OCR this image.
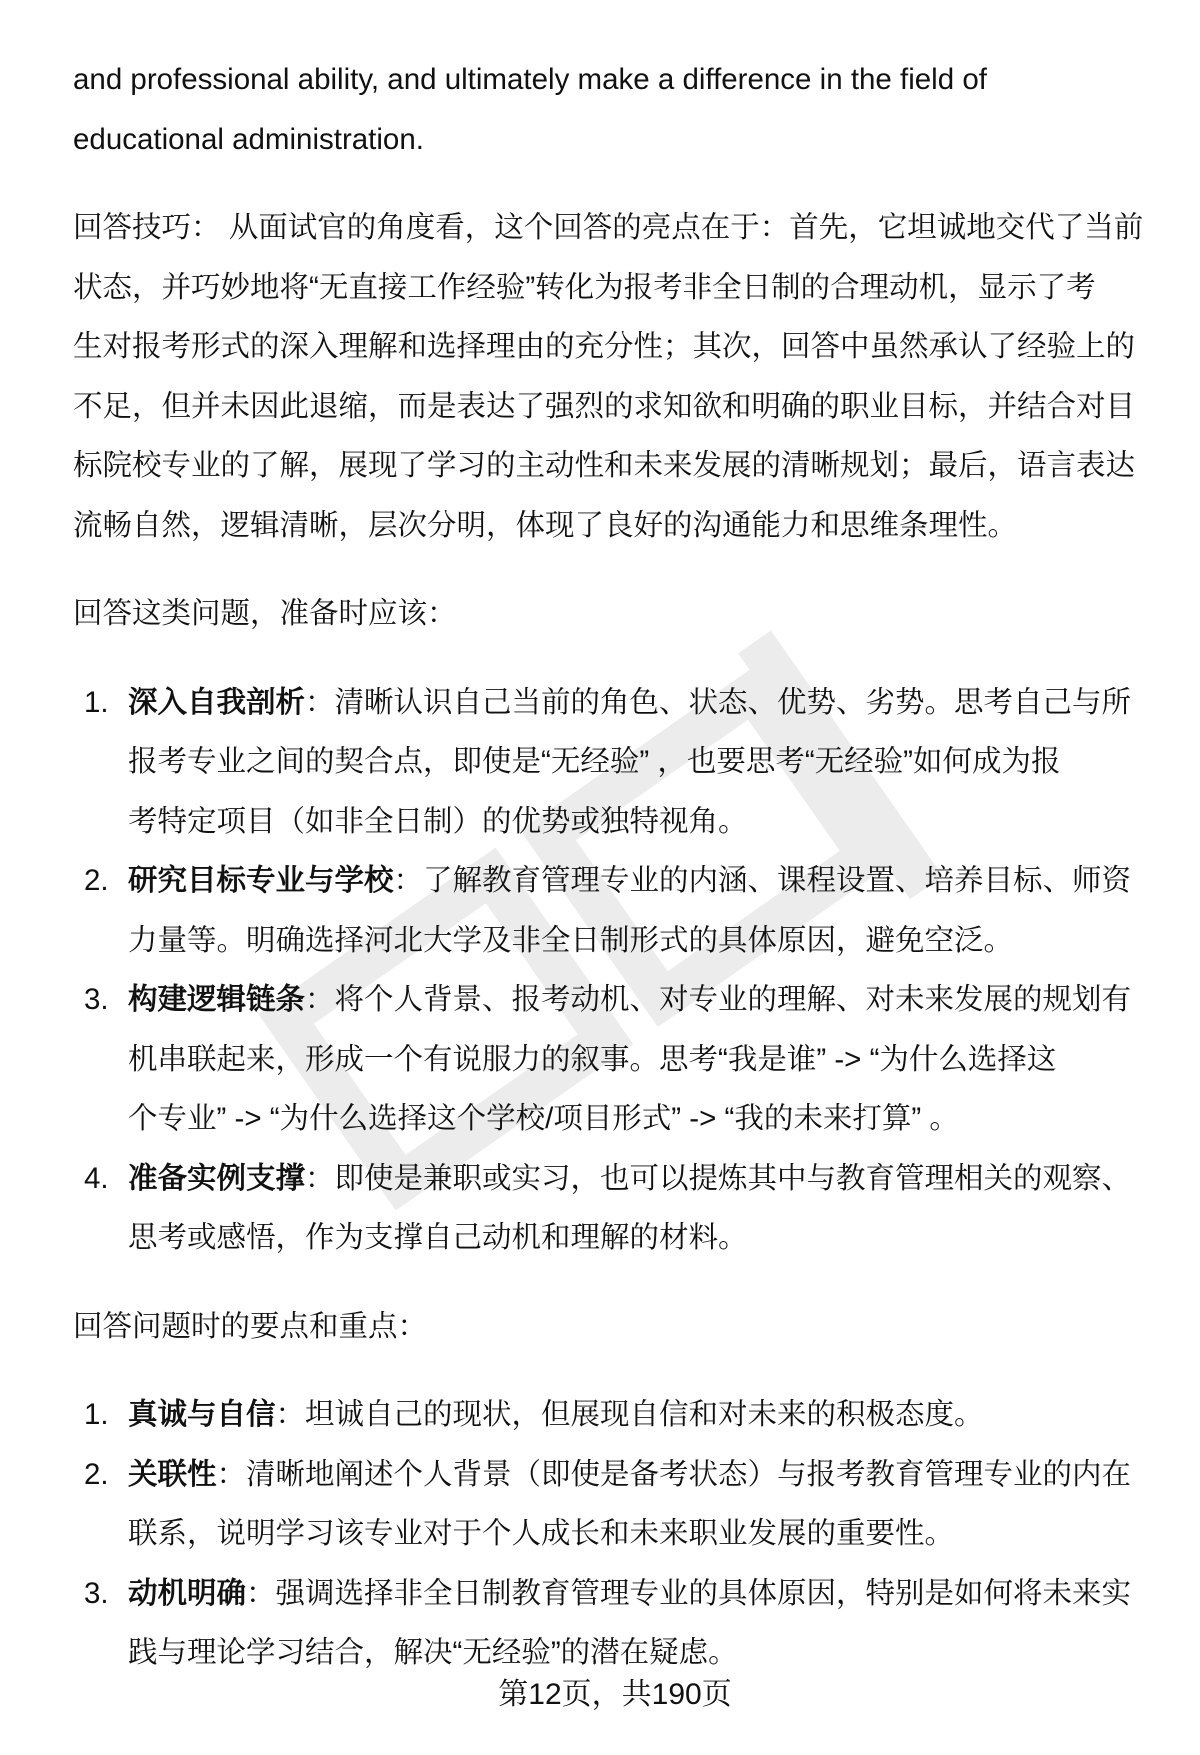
and professional ability, and ultimately make a difference in the field of
educational administration.
回答技巧： 从面试官的角度看，这个回答的亮点在于：首先，它坦诚地交代了当前
状态，并巧妙地将“无直接工作经验”转化为报考非全日制的合理动机，显示了考
生对报考形式的深入理解和选择理由的充分性；其次，回答中虽然承认了经验上的
不足，但并未因此退缩，而是表达了强烈的求知欲和明确的职业目标，并结合对目
标院校专业的了解，展现了学习的主动性和未来发展的清晰规划；最后，语言表达
流畅自然，逻辑清晰，层次分明，体现了良好的沟通能力和思维条理性。
回答这类问题，准备时应该：
1. 深入自我剖析：清晰认识自己当前的角色、状态、优势、劣势。思考自己与所
报考专业之间的契合点，即使是“无经验” ，也要思考“无经验”如何成为报
考特定项目（如非全日制）的优势或独特视角。
2. 研究目标专业与学校：了解教育管理专业的内涵、课程设置、培养目标、师资
力量等。明确选择河北大学及非全日制形式的具体原因，避免空泛。
3. 构建逻辑链条：将个人背景、报考动机、对专业的理解、对未来发展的规划有
机串联起来，形成一个有说服力的叙事。思考“我是谁” -> “为什么选择这
个专业” -> “为什么选择这个学校/项目形式” -> “我的未来打算” 。
4. 准备实例支撑：即使是兼职或实习，也可以提炼其中与教育管理相关的观察、
思考或感悟，作为支撑自己动机和理解的材料。
回答问题时的要点和重点：
1. 真诚与自信：坦诚自己的现状，但展现自信和对未来的积极态度。
2. 关联性：清晰地阐述个人背景（即使是备考状态）与报考教育管理专业的内在
联系，说明学习该专业对于个人成长和未来职业发展的重要性。
3. 动机明确：强调选择非全日制教育管理专业的具体原因，特别是如何将未来实
践与理论学习结合，解决“无经验”的潜在疑虑。
第12页，共190页
